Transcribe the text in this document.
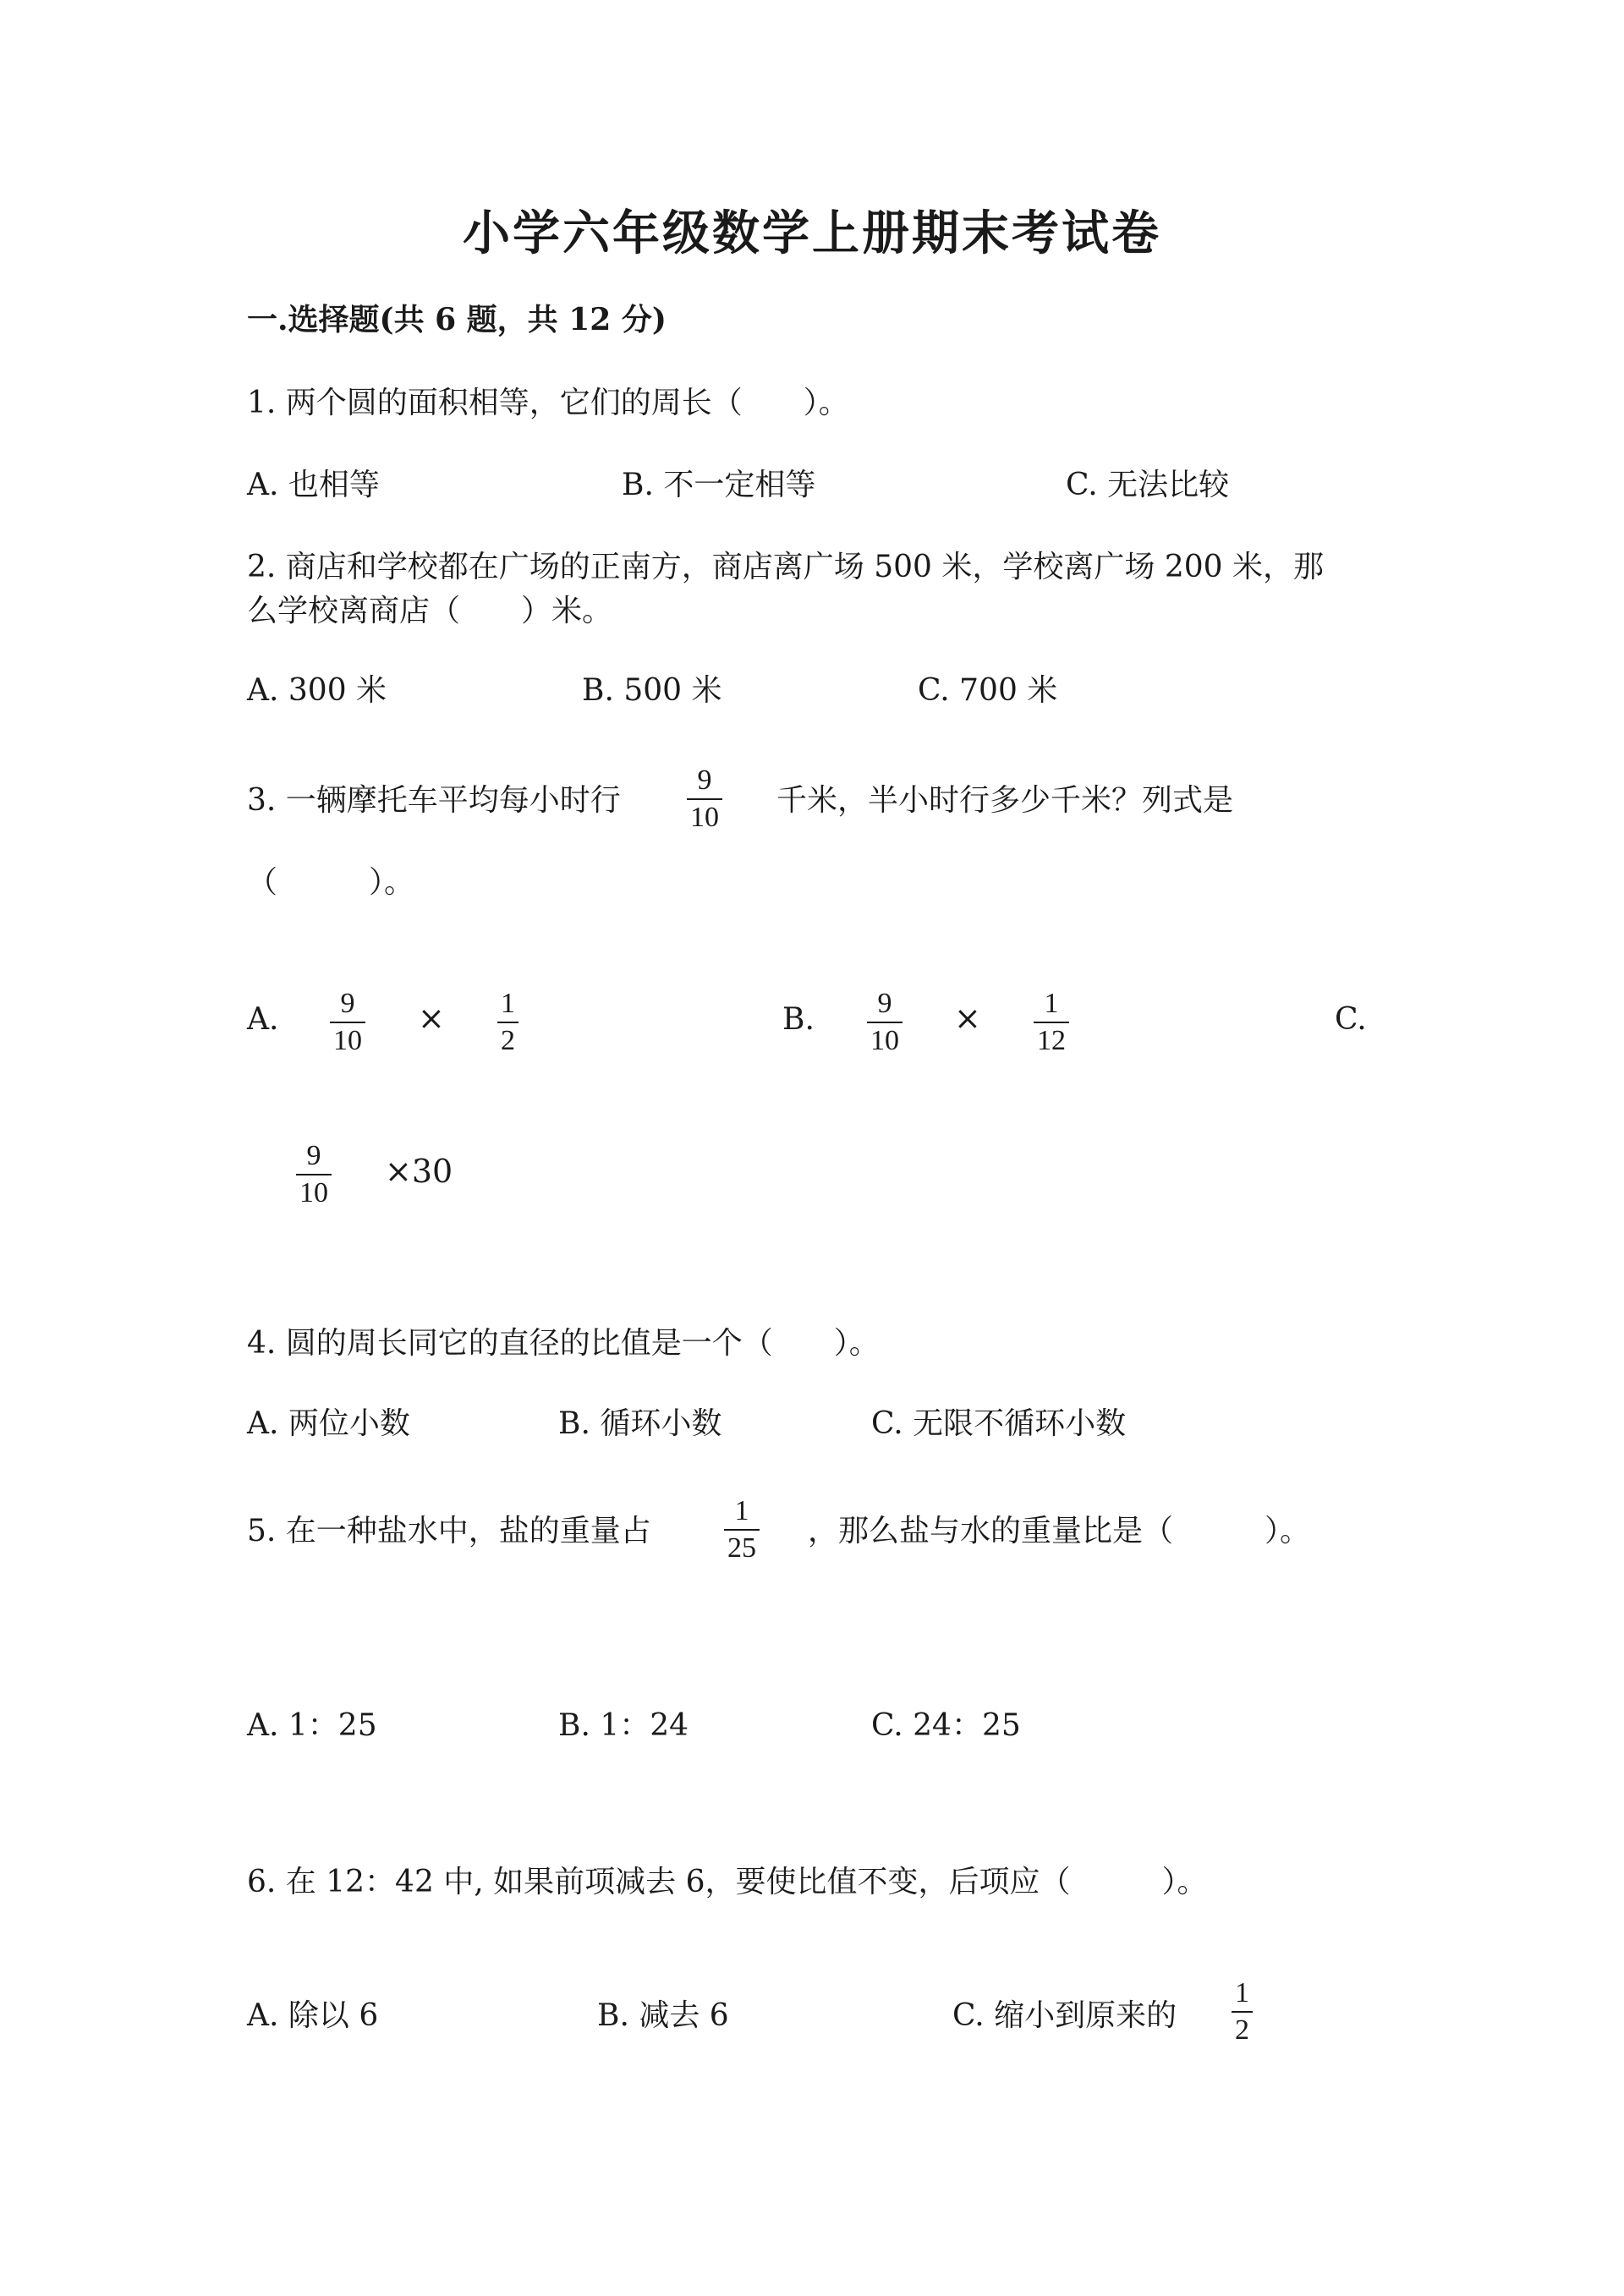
小学六年级数学上册期末考试卷
一.选择题(共 6 题，共 12 分)
1. 两个圆的面积相等，它们的周长（　　）。
A. 也相等	B. 不一定相等	C. 无法比较
2. 商店和学校都在广场的正南方，商店离广场 500 米，学校离广场 200 米，那
么学校离商店（　　）米。
A. 300 米	B. 500 米	C. 700 米
3. 一辆摩托车平均每小时行
9
10 千米，半小时行多少千米？列式是
（　　　）。
A. 9
10
× 1
2
B. 9
10
× 1
12
C.
9
10
×30
4. 圆的周长同它的直径的比值是一个（　　）。
A. 两位小数	B. 循环小数	C. 无限不循环小数
5. 在一种盐水中，盐的重量占
1
25 ，那么盐与水的重量比是（　　　）。
A. 1：25	B. 1：24	C. 24：25
6. 在 12：42 中, 如果前项减去 6，要使比值不变，后项应（　　　）。
A. 除以 6	B. 减去 6	C. 缩小到原来的
1
2
